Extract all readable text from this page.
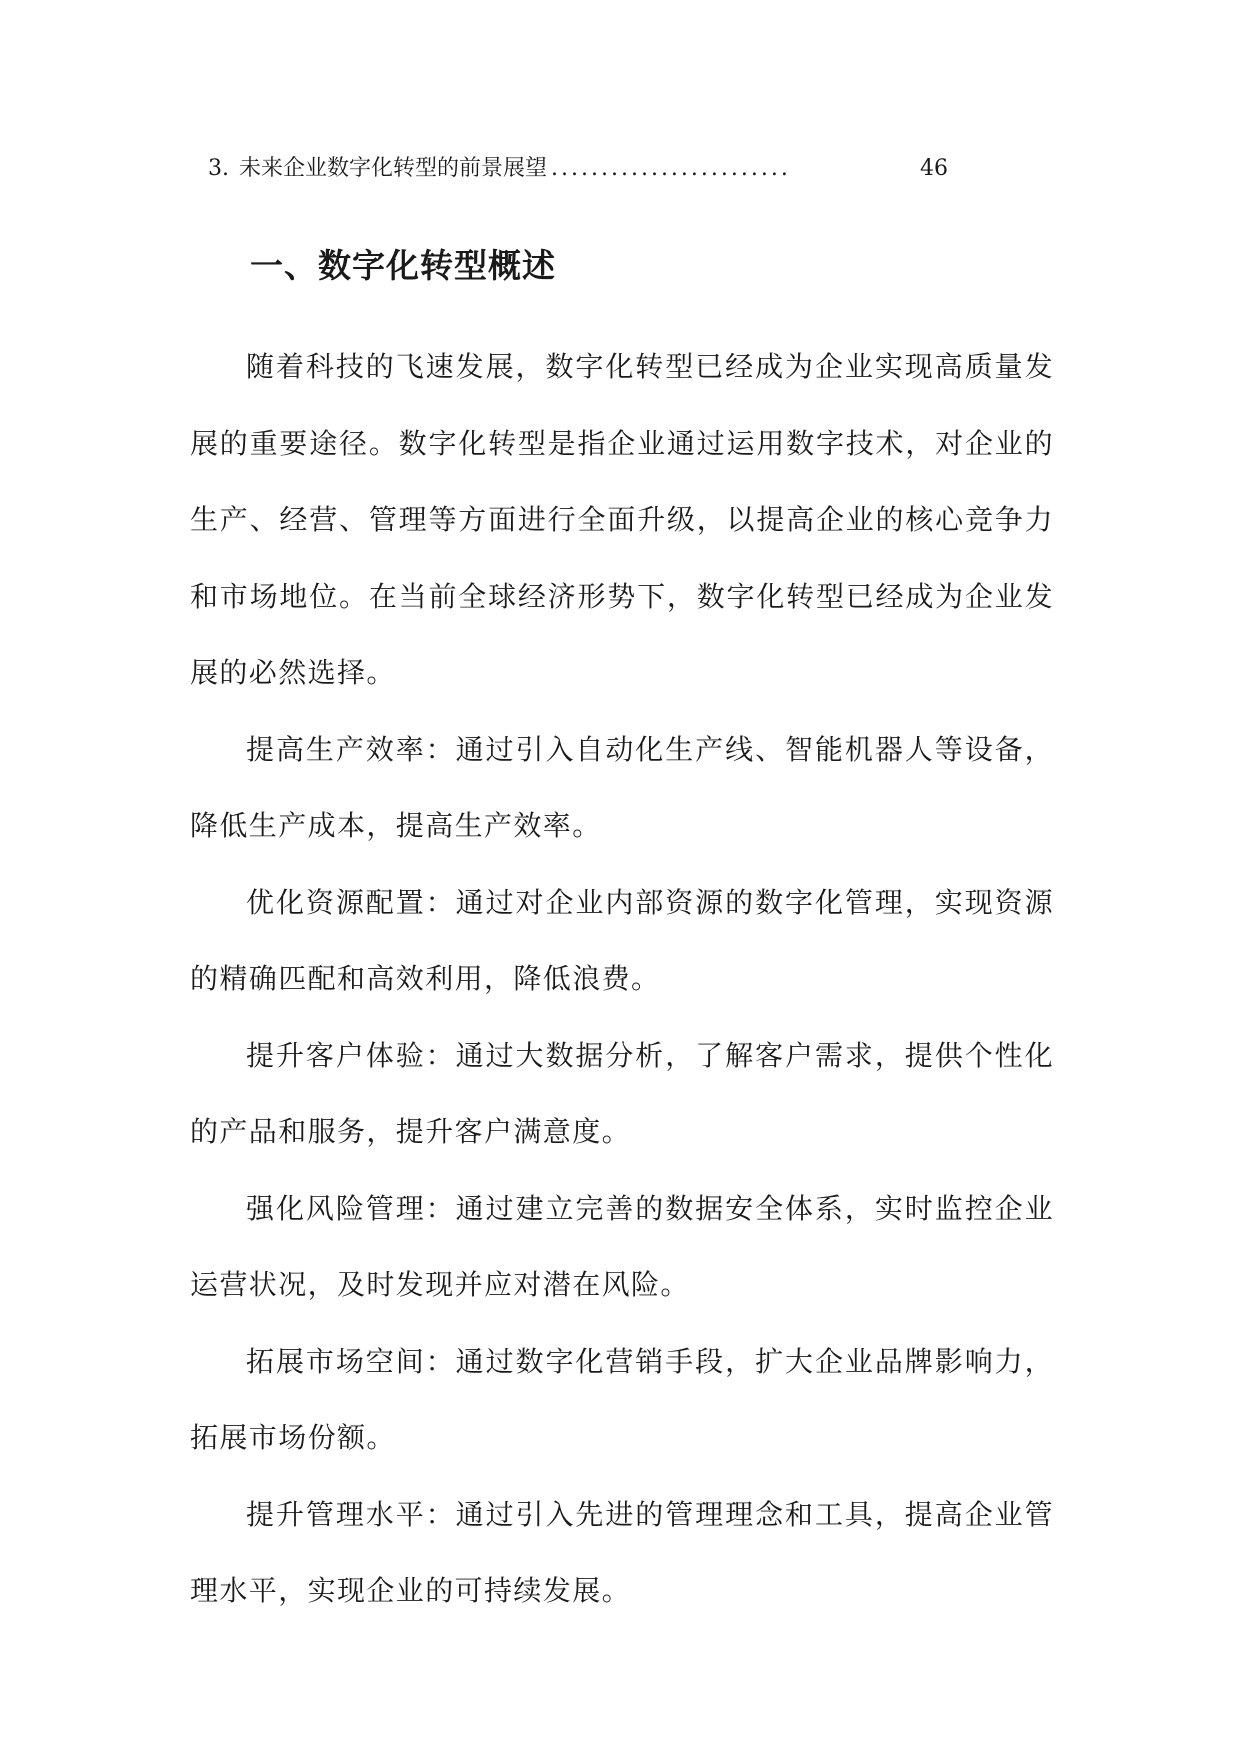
3. 未来企业数字化转型的前景展望 ........................	46
一、数字化转型概述

随着科技的飞速发展，数字化转型已经成为企业实现高质量发展的重要途径。数字化转型是指企业通过运用数字技术，对企业的生产、经营、管理等方面进行全面升级，以提高企业的核心竞争力和市场地位。在当前全球经济形势下，数字化转型已经成为企业发展的必然选择。

提高生产效率：通过引入自动化生产线、智能机器人等设备，降低生产成本，提高生产效率。

优化资源配置：通过对企业内部资源的数字化管理，实现资源的精确匹配和高效利用，降低浪费。

提升客户体验：通过大数据分析，了解客户需求，提供个性化的产品和服务，提升客户满意度。

强化风险管理：通过建立完善的数据安全体系，实时监控企业运营状况，及时发现并应对潜在风险。

拓展市场空间：通过数字化营销手段，扩大企业品牌影响力，拓展市场份额。

提升管理水平：通过引入先进的管理理念和工具，提高企业管理水平，实现企业的可持续发展。
